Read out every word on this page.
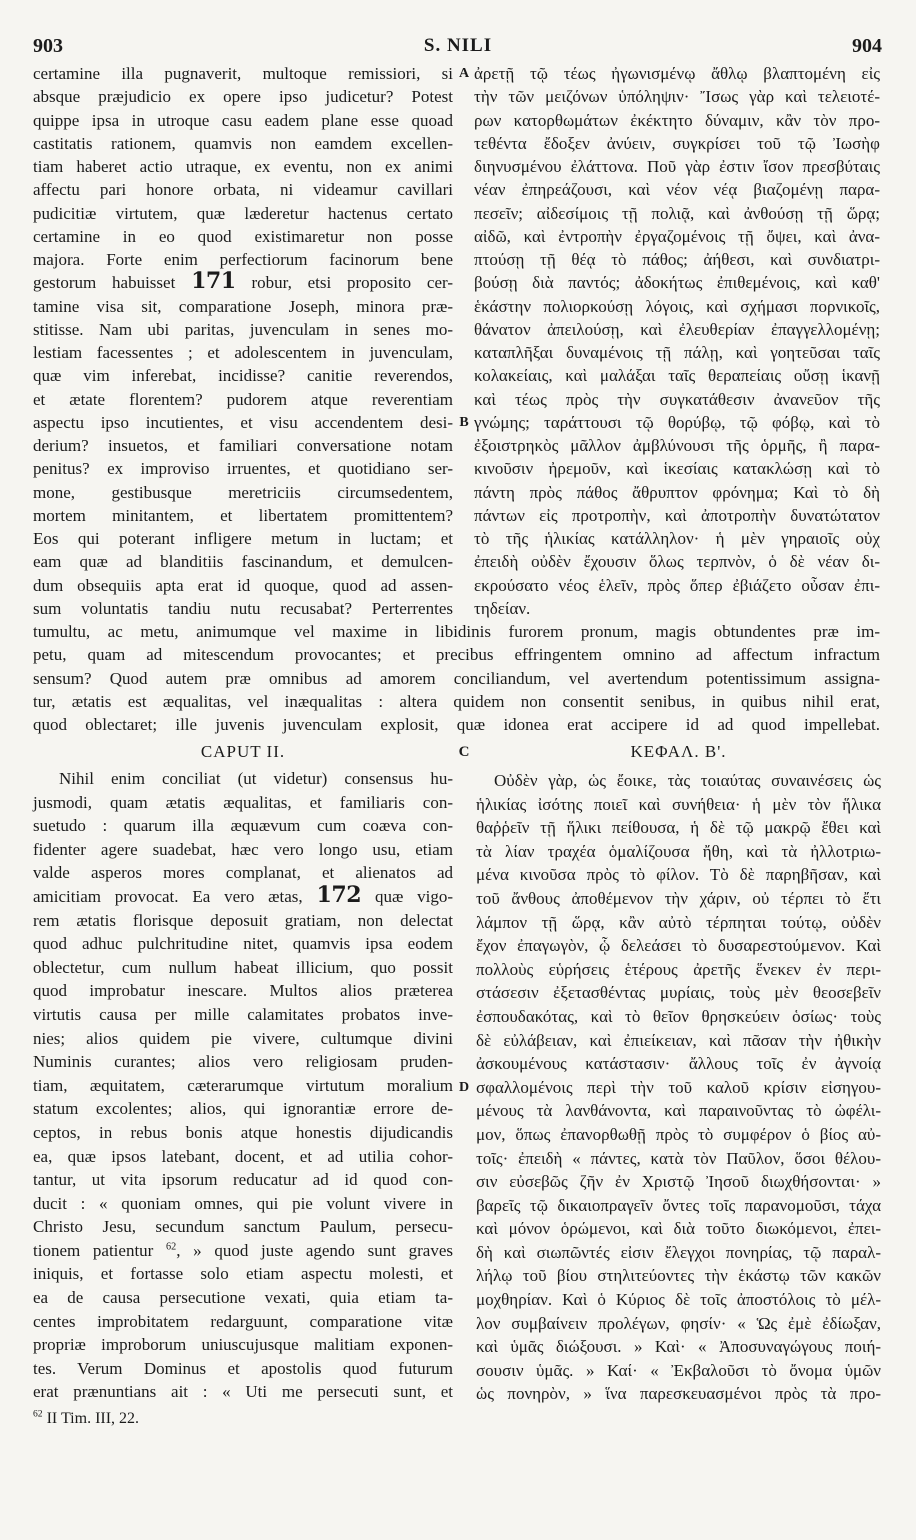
903	S. NILI	904
certamine illa pugnaverit, multoque remissiori, si
absque præjudicio ex opere ipso judicetur? Potest
quippe ipsa in utroque casu eadem plane esse quoad
castitatis rationem, quamvis non eamdem excellen-
tiam haberet actio utraque, ex eventu, non ex animi
affectu pari honore orbata, ni videamur cavillari
pudicitiæ virtutem, quæ læderetur hactenus certato
certamine in eo quod existimaretur non posse
majora. Forte enim perfectiorum facinorum bene
gestorum habuisset 171 robur, etsi proposito cer-
tamine visa sit, comparatione Joseph, minora præ-
stitisse. Nam ubi paritas, juvenculam in senes mo-
lestiam facessentes ; et adolescentem in juvenculam,
quæ vim inferebat, incidisse? canitie reverendos,
et ætate florentem? pudorem atque reverentiam
aspectu ipso incutientes, et visu accendentem desi-
derium? insuetos, et familiari conversatione notam
penitus? ex improviso irruentes, et quotidiano ser-
mone, gestibusque meretriciis circumsedentem,
mortem minitantem, et libertatem promittentem?
Eos qui poterant infligere metum in luctam; et
eam quæ ad blanditiis fascinandum, et demulcen-
dum obsequiis apta erat id quoque, quod ad assen-
sum voluntatis tandiu nutu recusabat? Perterrentes
ἀρετῇ τῷ τέως ἠγωνισμένῳ ἄθλῳ βλαπτομένη εἰς
τὴν τῶν μειζόνων ὑπόληψιν· Ἴσως γὰρ καὶ τελειοτέ-
ρων κατορθωμάτων ἐκέκτητο δύναμιν, κἂν τὸν προ-
τεθέντα ἔδοξεν ἀνύειν, συγκρίσει τοῦ τῷ Ἰωσὴφ
διηνυσμένου ἐλάττονα. Ποῦ γὰρ ἐστιν ἴσον πρεσβύταις
νέαν ἐπηρεάζουσι, καὶ νέον νέᾳ βιαζομένῃ παρα-
πεσεῖν; αἰδεσίμοις τῇ πολιᾷ, καὶ ἀνθούσῃ τῇ ὥρᾳ;
αἰδῶ, καὶ ἐντροπὴν ἐργαζομένοις τῇ ὄψει, καὶ ἀνα-
πτούσῃ τῇ θέᾳ τὸ πάθος; ἀήθεσι, καὶ συνδιατρι-
βούσῃ διὰ παντός; ἀδοκήτως ἐπιθεμένοις, καὶ καθ'
ἑκάστην πολιορκούσῃ λόγοις, καὶ σχήμασι πορνικοῖς,
θάνατον ἀπειλούσῃ, καὶ ἐλευθερίαν ἐπαγγελλομένῃ;
καταπλῆξαι δυναμένοις τῇ πάλῃ, καὶ γοητεῦσαι ταῖς
κολακείαις, καὶ μαλάξαι ταῖς θεραπείαις οὔσῃ ἱκανῇ
καὶ τέως πρὸς τὴν συγκατάθεσιν ἀνανεῦον τῆς
γνώμης; ταράττουσι τῷ θορύβῳ, τῷ φόβῳ, καὶ τὸ
ἐξοιστρηκὸς μᾶλλον ἀμβλύνουσι τῆς ὁρμῆς, ἢ παρα-
κινοῦσιν ἠρεμοῦν, καὶ ἱκεσίαις κατακλώσῃ καὶ τὸ
πάντη πρὸς πάθος ἄθρυπτον φρόνημα; Καὶ τὸ δὴ
πάντων εἰς προτροπὴν, καὶ ἀποτροπὴν δυνατώτατον
τὸ τῆς ἡλικίας κατάλληλον· ἡ μὲν γηραιοῖς οὐχ
ἐπειδὴ οὐδὲν ἔχουσιν ὅλως τερπνὸν, ὁ δὲ νέαν δι-
εκρούσατο νέος ἑλεῖν, πρὸς ὅπερ ἐβιάζετο οὖσαν ἐπι-
τηδείαν.
A
B
tumultu, ac metu, animumque vel maxime in libidinis furorem pronum, magis obtundentes præ im-
petu, quam ad mitescendum provocantes; et precibus effringentem omnino ad affectum infractum
sensum? Quod autem præ omnibus ad amorem conciliandum, vel avertendum potentissimum assigna-
tur, ætatis est æqualitas, vel inæqualitas : altera quidem non consentit senibus, in quibus nihil erat,
quod oblectaret; ille juvenis juvenculam explosit, quæ idonea erat accipere id ad quod impellebat.
CAPUT II.	C	ΚΕΦΑΛ. Β'.
Nihil enim conciliat (ut videtur) consensus hu-
jusmodi, quam ætatis æqualitas, et familiaris con-
suetudo : quarum illa æquævum cum coæva con-
fidenter agere suadebat, hæc vero longo usu, etiam
valde asperos mores complanat, et alienatos ad
amicitiam provocat. Ea vero ætas, 172 quæ vigo-
rem ætatis florisque deposuit gratiam, non delectat
quod adhuc pulchritudine nitet, quamvis ipsa eodem
oblectetur, cum nullum habeat illicium, quo possit
quod improbatur inescare. Multos alios præterea
virtutis causa per mille calamitates probatos inve-
nies; alios quidem pie vivere, cultumque divini
Numinis curantes; alios vero religiosam pruden-
tiam, æquitatem, cæterarumque virtutum moralium
statum excolentes; alios, qui ignorantiæ errore de-
ceptos, in rebus bonis atque honestis dijudicandis
ea, quæ ipsos latebant, docent, et ad utilia cohor-
tantur, ut vita ipsorum reducatur ad id quod con-
ducit : « quoniam omnes, qui pie volunt vivere in
Christo Jesu, secundum sanctum Paulum, persecu-
tionem patientur $^{62}$, » quod juste agendo sunt graves
iniquis, et fortasse solo etiam aspectu molesti, et
ea de causa persecutione vexati, quia etiam ta-
centes improbitatem redarguunt, comparatione vitæ
propriæ improborum uniuscujusque malitiam exponen-
tes. Verum Dominus et apostolis quod futurum
erat prænuntians ait : « Uti me persecuti sunt, et
D
Οὐδὲν γὰρ, ὡς ἔοικε, τὰς τοιαύτας συναινέσεις ὡς
ἡλικίας ἰσότης ποιεῖ καὶ συνήθεια· ἡ μὲν τὸν ἥλικα
θαῤῥεῖν τῇ ἥλικι πείθουσα, ἡ δὲ τῷ μακρῷ ἔθει καὶ
τὰ λίαν τραχέα ὁμαλίζουσα ἤθη, καὶ τὰ ἠλλοτριω-
μένα κινοῦσα πρὸς τὸ φίλον. Τὸ δὲ παρηβῆσαν, καὶ
τοῦ ἄνθους ἀποθέμενον τὴν χάριν, οὐ τέρπει τὸ ἔτι
λάμπον τῇ ὥρᾳ, κἂν αὐτὸ τέρπηται τούτῳ, οὐδὲν
ἔχον ἐπαγωγὸν, ᾧ δελεάσει τὸ δυσαρεστούμενον. Καὶ
πολλοὺς εὑρήσεις ἑτέρους ἀρετῆς ἕνεκεν ἐν περι-
στάσεσιν ἐξετασθέντας μυρίαις, τοὺς μὲν θεοσεβεῖν
ἐσπουδακότας, καὶ τὸ θεῖον θρησκεύειν ὁσίως· τοὺς
δὲ εὐλάβειαν, καὶ ἐπιείκειαν, καὶ πᾶσαν τὴν ἠθικὴν
ἀσκουμένους κατάστασιν· ἄλλους τοῖς ἐν ἀγνοίᾳ
σφαλλομένοις περὶ τὴν τοῦ καλοῦ κρίσιν εἰσηγου-
μένους τὰ λανθάνοντα, καὶ παραινοῦντας τὸ ὠφέλι-
μον, ὅπως ἐπανορθωθῇ πρὸς τὸ συμφέρον ὁ βίος αὐ-
τοῖς· ἐπειδὴ « πάντες, κατὰ τὸν Παῦλον, ὅσοι θέλου-
σιν εὐσεβῶς ζῆν ἐν Χριστῷ Ἰησοῦ διωχθήσονται· »
βαρεῖς τῷ δικαιοπραγεῖν ὄντες τοῖς παρανομοῦσι, τάχα
καὶ μόνον ὁρώμενοι, καὶ διὰ τοῦτο διωκόμενοι, ἐπει-
δὴ καὶ σιωπῶντές εἰσιν ἔλεγχοι πονηρίας, τῷ παραλ-
λήλῳ τοῦ βίου στηλιτεύοντες τὴν ἑκάστῳ τῶν κακῶν
μοχθηρίαν. Καὶ ὁ Κύριος δὲ τοῖς ἀποστόλοις τὸ μέλ-
λον συμβαίνειν προλέγων, φησίν· « Ὡς ἐμὲ ἐδίωξαν,
καὶ ὑμᾶς διώξουσι. » Καὶ· « Ἀποσυναγώγους ποιή-
σουσιν ὑμᾶς. » Καί· « Ἐκβαλοῦσι τὸ ὄνομα ὑμῶν
ὡς πονηρὸν, » ἵνα παρεσκευασμένοι πρὸς τὰ προ-
$^{62}$ II Tim. III, 22.
